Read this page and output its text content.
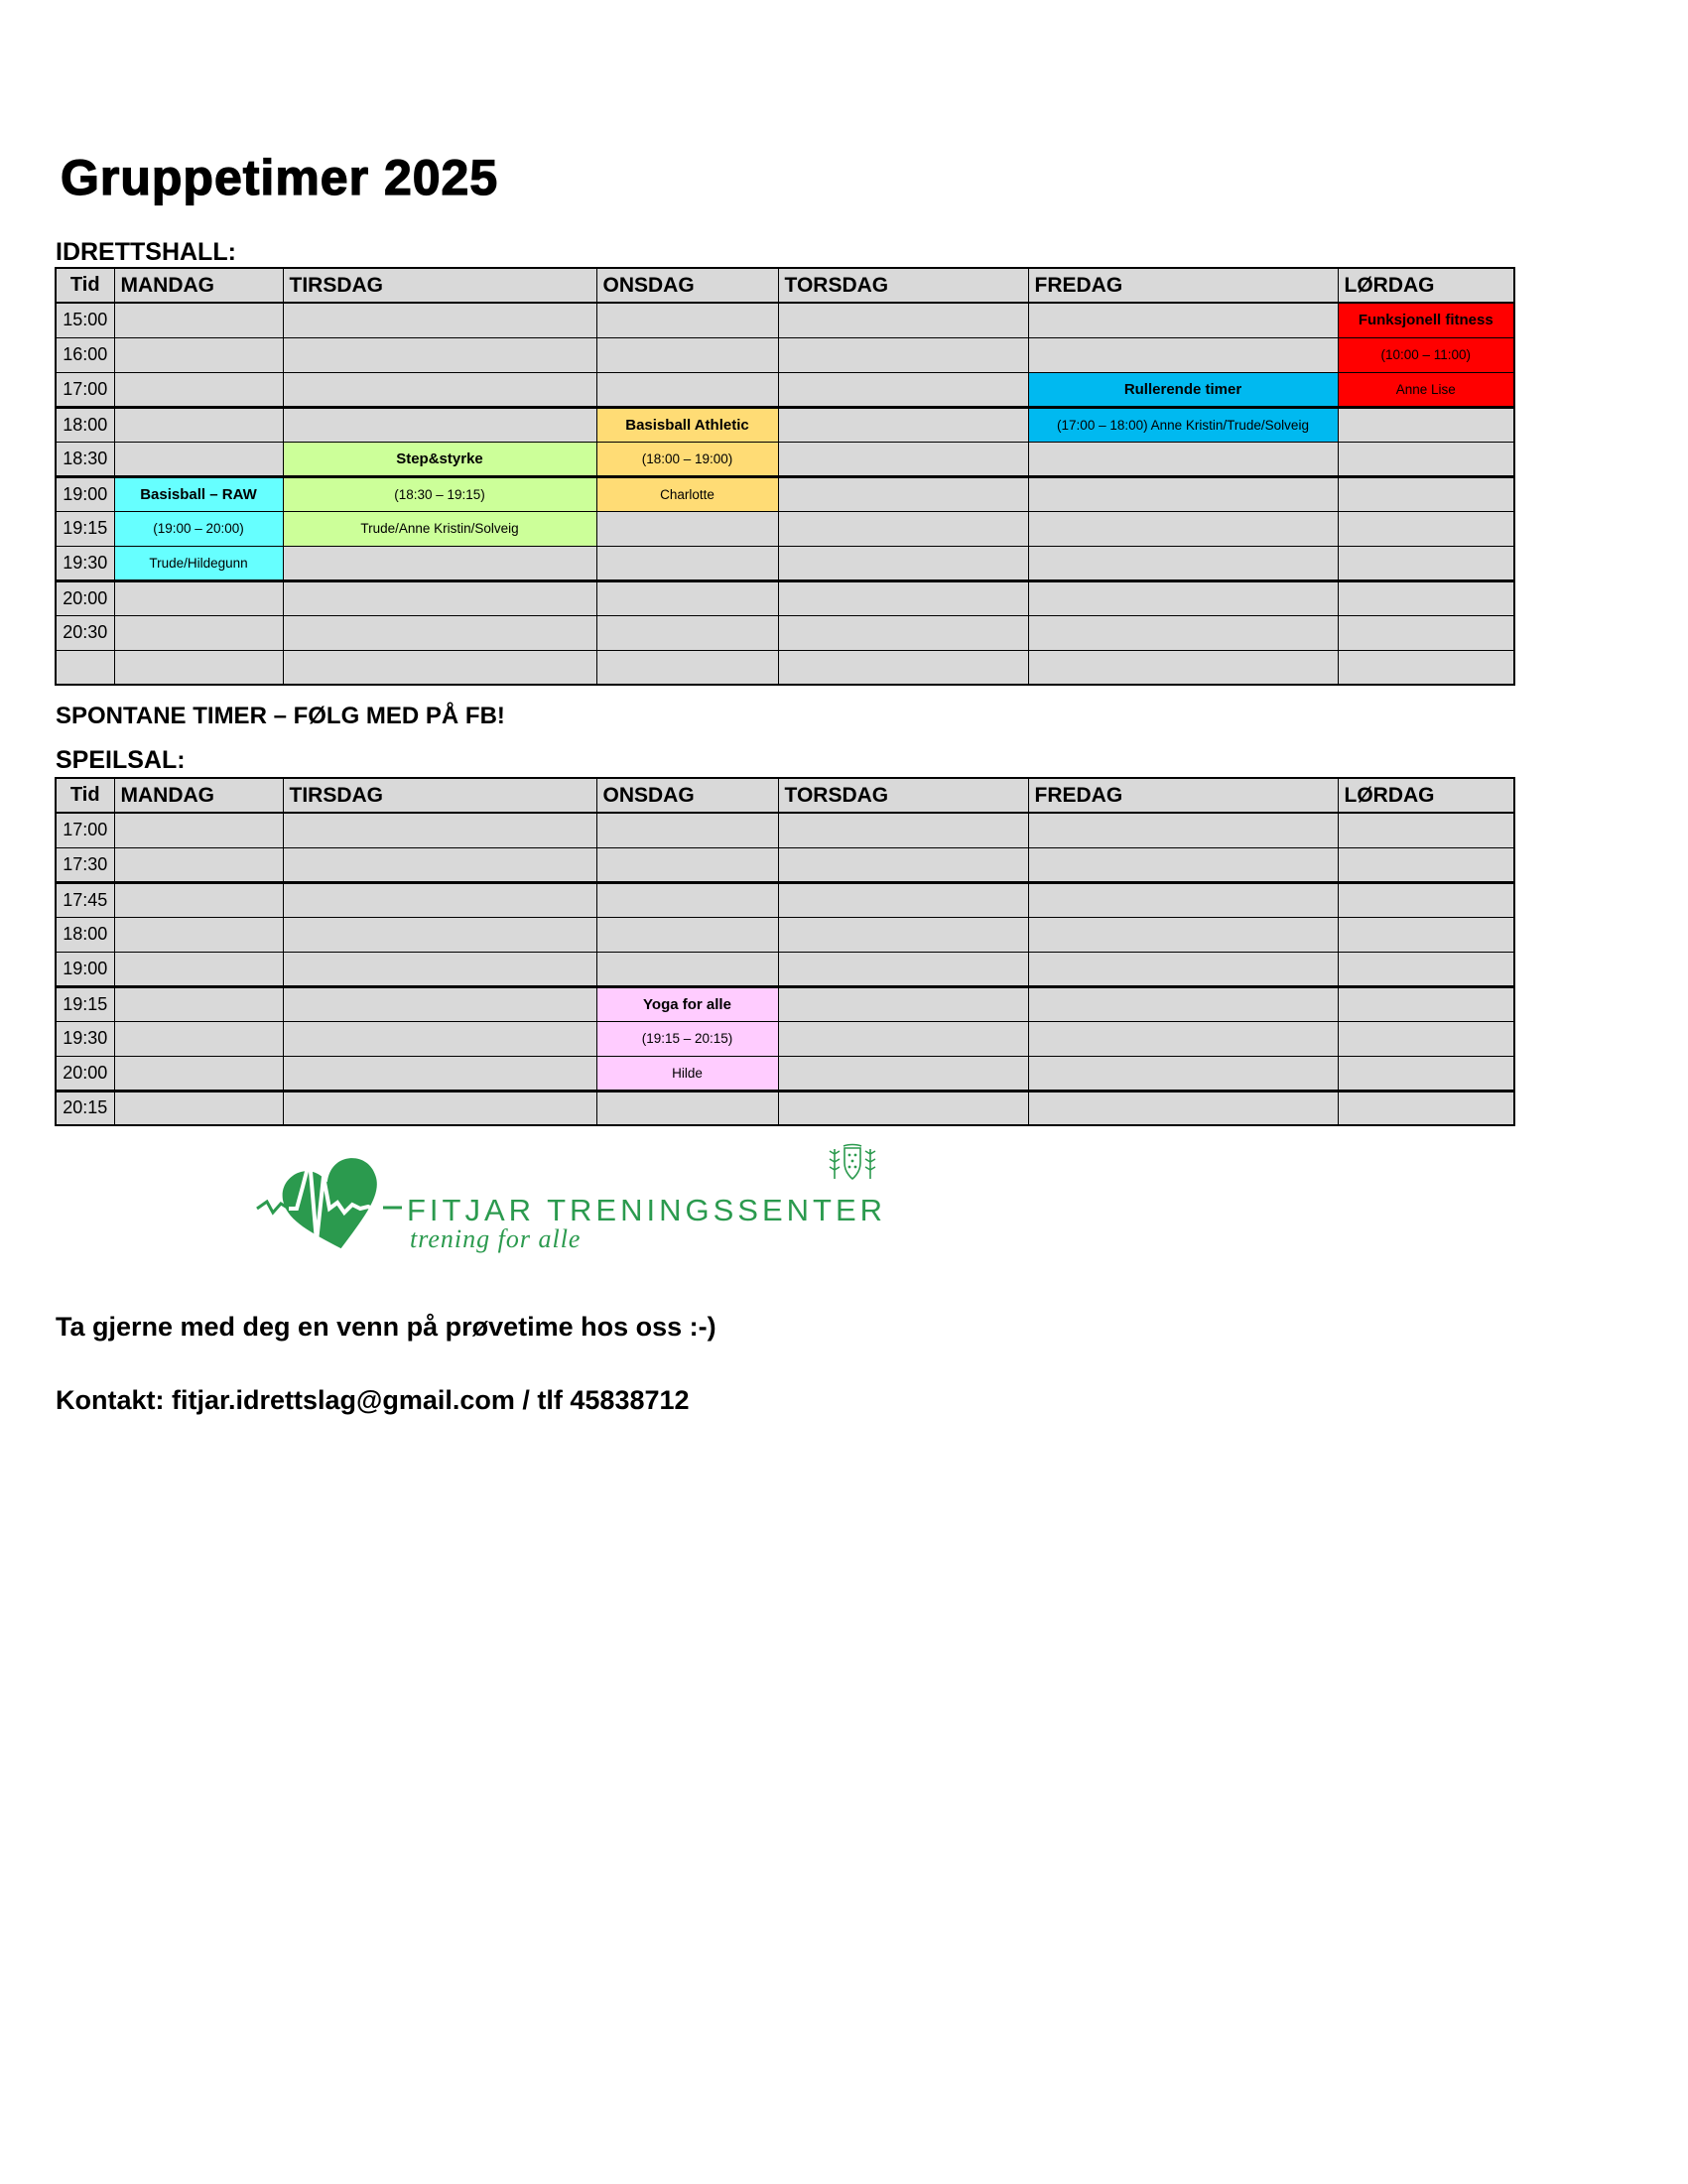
Gruppetimer 2025
IDRETTSHALL:
Tid	MANDAG	TIRSDAG	ONSDAG	TORSDAG	FREDAG	LØRDAG
15:00						Funksjonell fitness
16:00						(10:00 – 11:00)
17:00					Rullerende timer	Anne Lise
18:00			Basisball Athletic		(17:00 – 18:00) Anne Kristin/Trude/Solveig	
18:30		Step&styrke	(18:00 – 19:00)			
19:00	Basisball – RAW	(18:30 – 19:15)	Charlotte			
19:15	(19:00 – 20:00)	Trude/Anne Kristin/Solveig				
19:30	Trude/Hildegunn					
20:00						
20:30						

SPONTANE TIMER – FØLG MED PÅ FB!
SPEILSAL:
Tid	MANDAG	TIRSDAG	ONSDAG	TORSDAG	FREDAG	LØRDAG
17:00						
17:30						
17:45						
18:00						
19:00						
19:15			Yoga for alle			
19:30			(19:15 – 20:15)			
20:00			Hilde			
20:15						
FITJAR TRENINGSSENTER
trening for alle
Ta gjerne med deg en venn på prøvetime hos oss :-)
Kontakt: fitjar.idrettslag@gmail.com / tlf 45838712
